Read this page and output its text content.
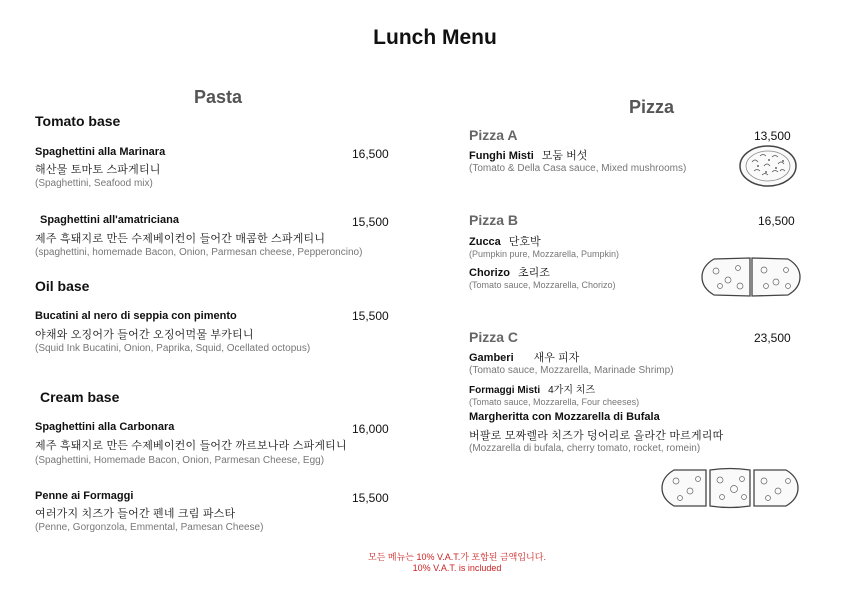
Lunch Menu
Pasta
Tomato base
Spaghettini alla Marinara	16,500
해산물 토마토 스파게티니
(Spaghettini, Seafood mix)
Spaghettini all'amatriciana	15,500
제주 흑돼지로 만든 수제베이컨이 들어간 매콤한 스파게티니
(spaghettini, homemade Bacon, Onion, Parmesan cheese, Pepperoncino)
Oil base
Bucatini al nero di seppia con pimento	15,500
야채와 오징어가 들어간 오징어먹물 부카티니
(Squid Ink Bucatini, Onion, Paprika, Squid, Ocellated octopus)
Cream base
Spaghettini alla Carbonara	16,000
제주 흑돼지로 만든 수제베이컨이 들어간 까르보나라 스파게티니
(Spaghettini, Homemade Bacon, Onion, Parmesan Cheese, Egg)
Penne ai Formaggi	15,500
여러가지 치즈가 들어간 펜네 크림 파스타
(Penne, Gorgonzola, Emmental, Pamesan Cheese)
Pizza
Pizza A	13,500
Funghi Misti 모둠 버섯
(Tomato & Della Casa sauce, Mixed mushrooms)
Pizza B	16,500
Zucca 단호박
(Pumpkin pure, Mozzarella, Pumpkin)
Chorizo 초리조
(Tomato sauce, Mozzarella, Chorizo)
Pizza C	23,500
Gamberi 새우 피자
(Tomato sauce, Mozzarella, Marinade Shrimp)
Formaggi Misti 4가지 치즈
(Tomato sauce, Mozzarella, Four cheeses)
Margheritta con Mozzarella di Bufala
버팔로 모짜렐라 치즈가 덩어리로 올라간 마르게리따
(Mozzarella di bufala, cherry tomato, rocket, romein)
모든 메뉴는 10% V.A.T.가 포함된 금액입니다.
10% V.A.T. is included
